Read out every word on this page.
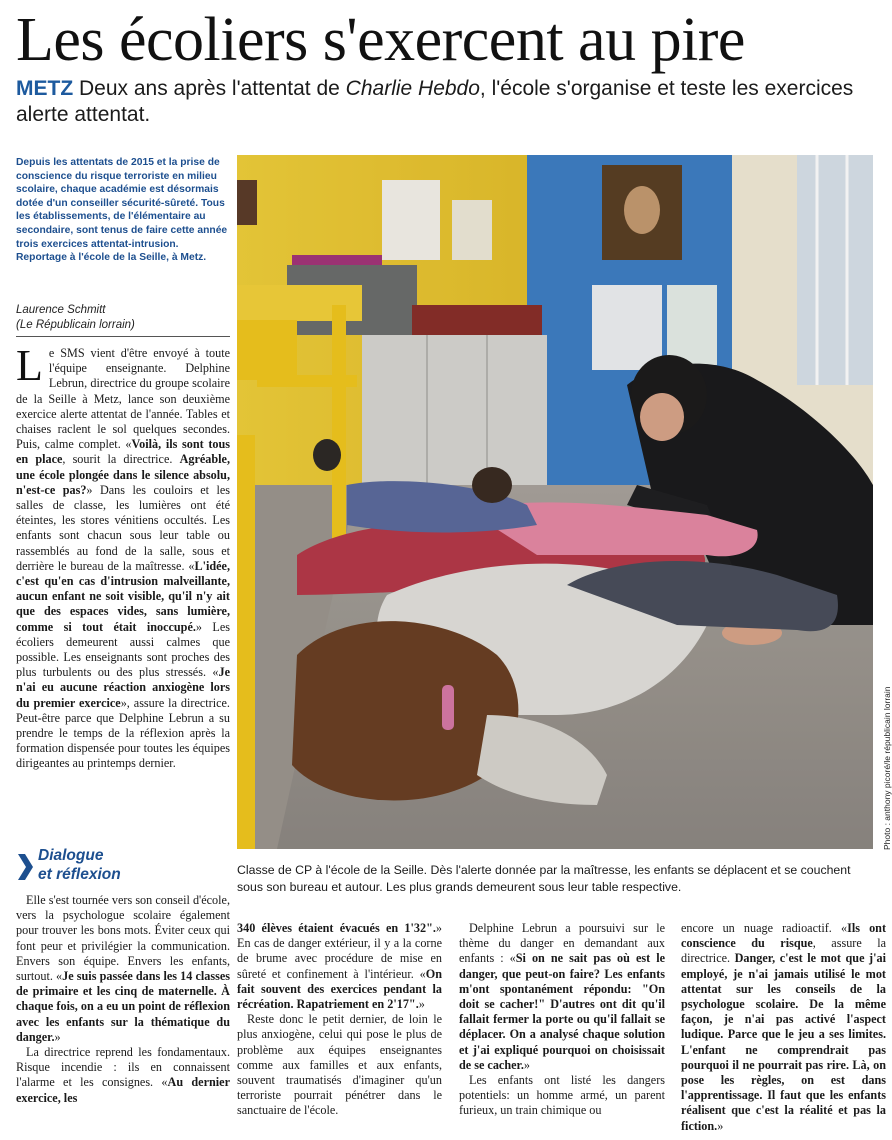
Les écoliers s'exercent au pire
METZ Deux ans après l'attentat de Charlie Hebdo, l'école s'organise et teste les exercices alerte attentat.
Depuis les attentats de 2015 et la prise de conscience du risque terroriste en milieu scolaire, chaque académie est désormais dotée d'un conseiller sécurité-sûreté. Tous les établissements, de l'élémentaire au secondaire, sont tenus de faire cette année trois exercices attentat-intrusion. Reportage à l'école de la Seille, à Metz.
Laurence Schmitt
(Le Républicain lorrain)

Le SMS vient d'être envoyé à toute l'équipe enseignante. Delphine Lebrun, directrice du groupe scolaire de la Seille à Metz, lance son deuxième exercice alerte attentat de l'année. Tables et chaises raclent le sol quelques secondes. Puis, calme complet. «Voilà, ils sont tous en place, sourit la directrice. Agréable, une école plongée dans le silence absolu, n'est-ce pas?» Dans les couloirs et les salles de classe, les lumières ont été éteintes, les stores vénitiens occultés. Les enfants sont chacun sous leur table ou rassemblés au fond de la salle, sous et derrière le bureau de la maîtresse. «L'idée, c'est qu'en cas d'intrusion malveillante, aucun enfant ne soit visible, qu'il n'y ait que des espaces vides, sans lumière, comme si tout était inoccupé.» Les écoliers demeurent aussi calmes que possible. Les enseignants sont proches des plus turbulents ou des plus stressés. «Je n'ai eu aucune réaction anxiogène lors du premier exercice», assure la directrice. Peut-être parce que Delphine Lebrun a su prendre le temps de la réflexion après la formation dispensée pour toutes les équipes dirigeantes au printemps dernier.

Dialogue
et réflexion

Elle s'est tournée vers son conseil d'école, vers la psychologue scolaire également pour trouver les bons mots. Éviter ceux qui font peur et privilégier la communication. Envers son équipe. Envers les enfants, surtout. «Je suis passée dans les 14 classes de primaire et les cinq de maternelle. À chaque fois, on a eu un point de réflexion avec les enfants sur la thématique du danger.»

La directrice reprend les fondamentaux. Risque incendie : ils en connaissent l'alarme et les consignes. «Au dernier exercice, les

Photo : anthony picoré/le républicain lorrain
Classe de CP à l'école de la Seille. Dès l'alerte donnée par la maîtresse, les enfants se déplacent et se couchent sous son bureau et autour. Les plus grands demeurent sous leur table respective.

340 élèves étaient évacués en 1'32".» En cas de danger extérieur, il y a la corne de brume avec procédure de mise en sûreté et confinement à l'intérieur. «On fait souvent des exercices pendant la récréation. Rapatriement en 2'17".»

Reste donc le petit dernier, de loin le plus anxiogène, celui qui pose le plus de problème aux équipes enseignantes comme aux familles et aux enfants, souvent traumatisés d'imaginer qu'un terroriste pourrait pénétrer dans le sanctuaire de l'école.

Delphine Lebrun a poursuivi sur le thème du danger en demandant aux enfants : «Si on ne sait pas où est le danger, que peut-on faire? Les enfants m'ont spontanément répondu: "On doit se cacher!" D'autres ont dit qu'il fallait fermer la porte ou qu'il fallait se déplacer. On a analysé chaque solution et j'ai expliqué pourquoi on choisissait de se cacher.»

Les enfants ont listé les dangers potentiels: un homme armé, un parent furieux, un train chimique ou

encore un nuage radioactif. «Ils ont conscience du risque, assure la directrice. Danger, c'est le mot que j'ai employé, je n'ai jamais utilisé le mot attentat sur les conseils de la psychologue scolaire. De la même façon, je n'ai pas activé l'aspect ludique. Parce que le jeu a ses limites. L'enfant ne comprendrait pas pourquoi il ne pourrait pas rire. Là, on pose les règles, on est dans l'apprentissage. Il faut que les enfants réalisent que c'est la réalité et pas la fiction.»
